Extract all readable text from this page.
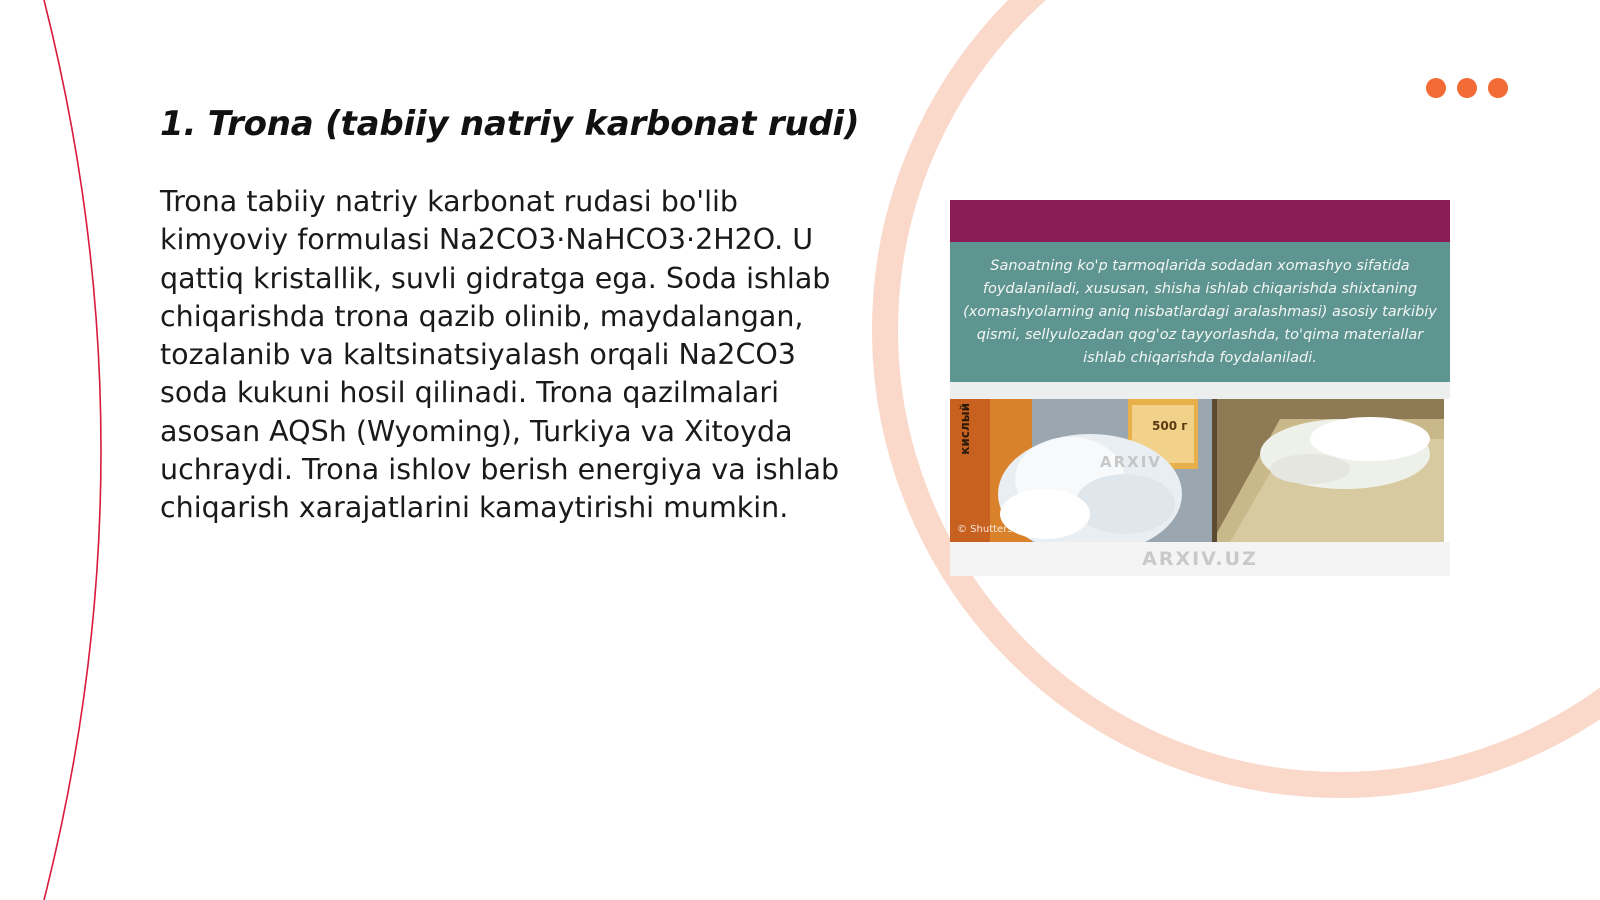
1. Trona (tabiiy natriy karbonat rudi)

Trona tabiiy natriy karbonat rudasi bo'lib kimyoviy formulasi Na2CO3·NaHCO3·2H2O. U qattiq kristallik, suvli gidratga ega. Soda ishlab chiqarishda trona qazib olinib, maydalangan, tozalanib va kaltsinatsiyalash orqali Na2CO3 soda kukuni hosil qilinadi. Trona qazilmalari asosan AQSh (Wyoming), Turkiya va Xitoyda uchraydi. Trona ishlov berish energiya va ishlab chiqarish xarajatlarini kamaytirishi mumkin.

Sanoatning ko'p tarmoqlarida sodadan xomashyo sifatida foydalaniladi, xususan, shisha ishlab chiqarishda shixtaning (xomashyolarning aniq nisbatlardagi aralashmasi) asosiy tarkibiy qismi, sellyulozadan qog'oz tayyorlashda, to'qima materiallar ishlab chiqarishda foydalaniladi.
кислый	500 г
ARXIV
© Shutterst
ARXIV.UZ
